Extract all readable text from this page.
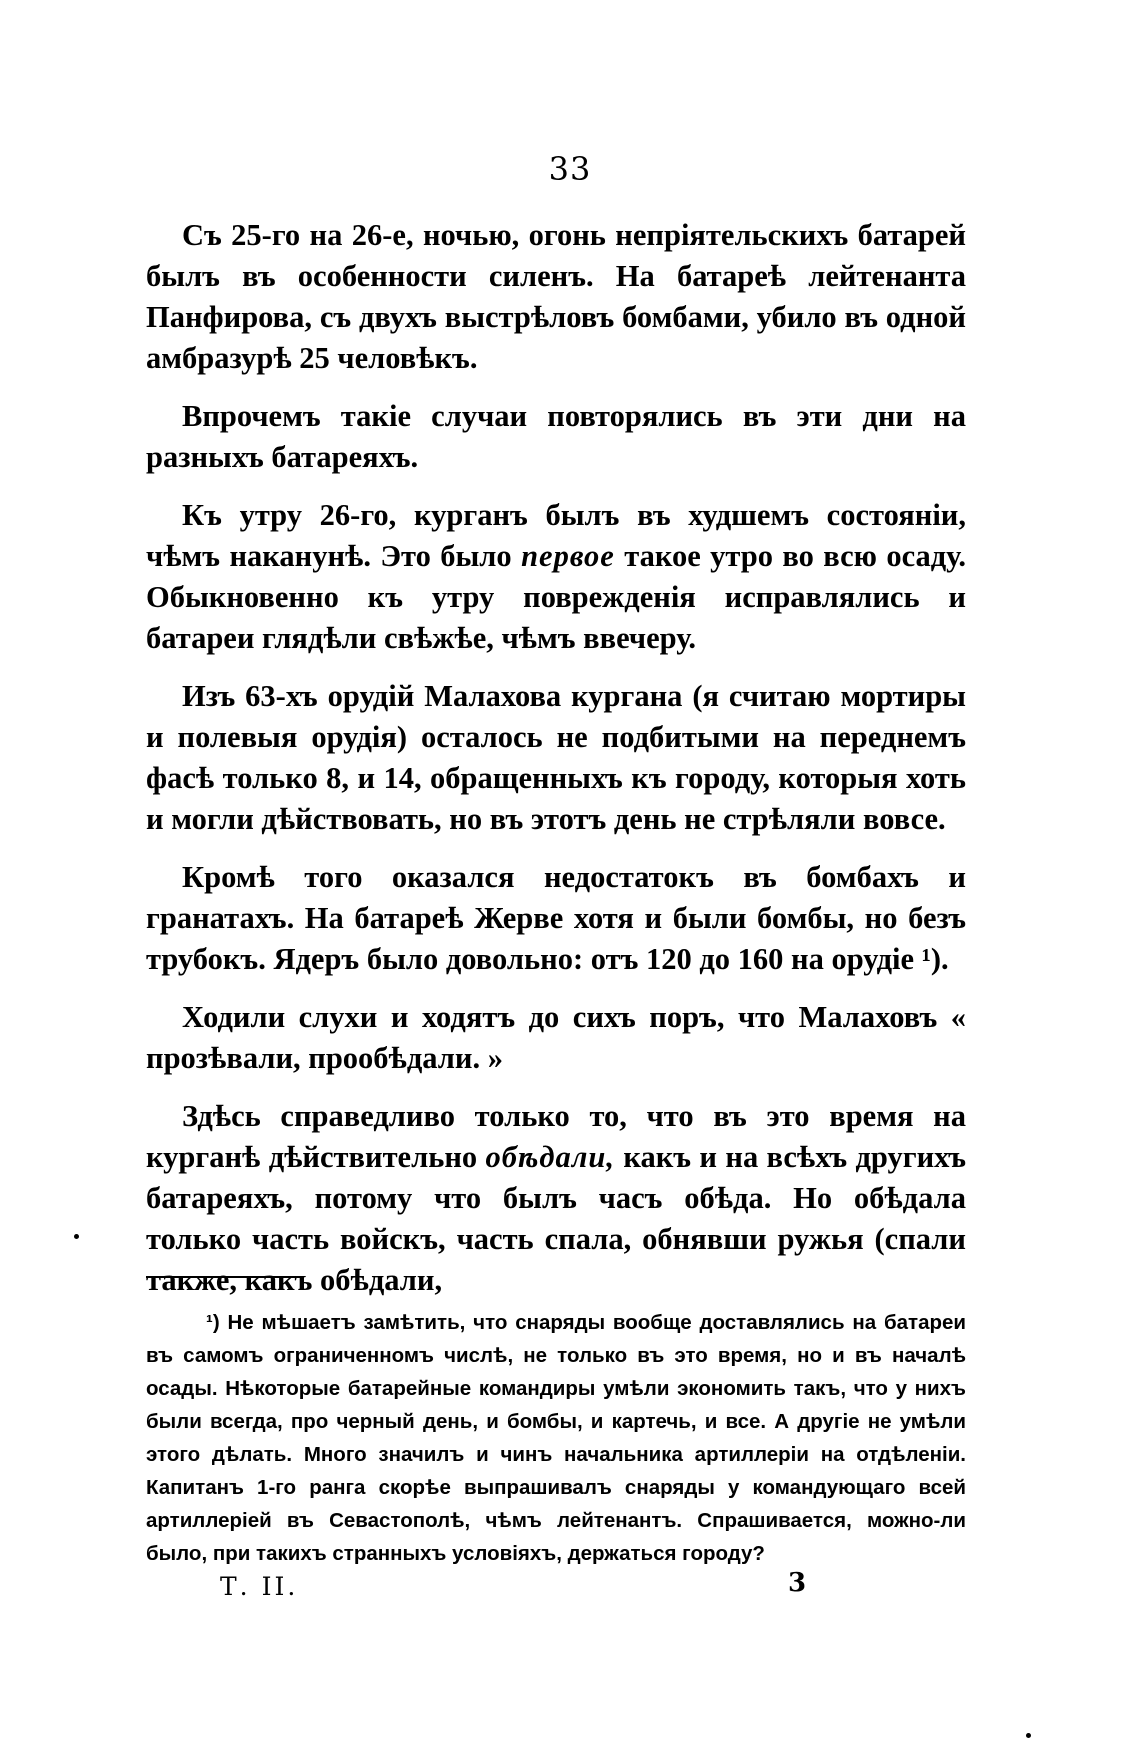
33

Съ 25-го на 26-е, ночью, огонь непріятельскихъ батарей былъ въ особенности силенъ. На батареѣ лейтенанта Панфирова, съ двухъ выстрѣловъ бомбами, убило въ одной амбразурѣ 25 человѣкъ.

Впрочемъ такіе случаи повторялись въ эти дни на разныхъ батареяхъ.

Къ утру 26-го, курганъ былъ въ худшемъ состояніи, чѣмъ наканунѣ. Это было первое такое утро во всю осаду. Обыкновенно къ утру поврежденія исправлялись и батареи глядѣли свѣжѣе, чѣмъ ввечеру.

Изъ 63-хъ орудій Малахова кургана (я считаю мортиры и полевыя орудія) осталось не подбитыми на переднемъ фасѣ только 8, и 14, обращенныхъ къ городу, которыя хоть и могли дѣйствовать, но въ этотъ день не стрѣляли вовсе.

Кромѣ того оказался недостатокъ въ бомбахъ и гранатахъ. На батареѣ Жерве хотя и были бомбы, но безъ трубокъ. Ядеръ было довольно: отъ 120 до 160 на орудіе ¹).

Ходили слухи и ходятъ до сихъ поръ, что Малаховъ « прозѣвали, прообѣдали. »

Здѣсь справедливо только то, что въ это время на курганѣ дѣйствительно обѣдали, какъ и на всѣхъ другихъ батареяхъ, потому что былъ часъ обѣда. Но обѣдала только часть войскъ, часть спала, обнявши ружья (спали также, какъ обѣдали,

¹) Не мѣшаетъ замѣтить, что снаряды вообще доставлялись на батареи въ самомъ ограниченномъ числѣ, не только въ это время, но и въ началѣ осады. Нѣкоторые батарейные командиры умѣли экономить такъ, что у нихъ были всегда, про черный день, и бомбы, и картечь, и все. А другіе не умѣли этого дѣлать. Много значилъ и чинъ начальника артиллеріи на отдѣленіи. Капитанъ 1-го ранга скорѣе выпрашивалъ снаряды у командующаго всей артиллеріей въ Севастополѣ, чѣмъ лейтенантъ. Спрашивается, можно-ли было, при такихъ странныхъ условіяхъ, держаться городу?
Т. II.	3
